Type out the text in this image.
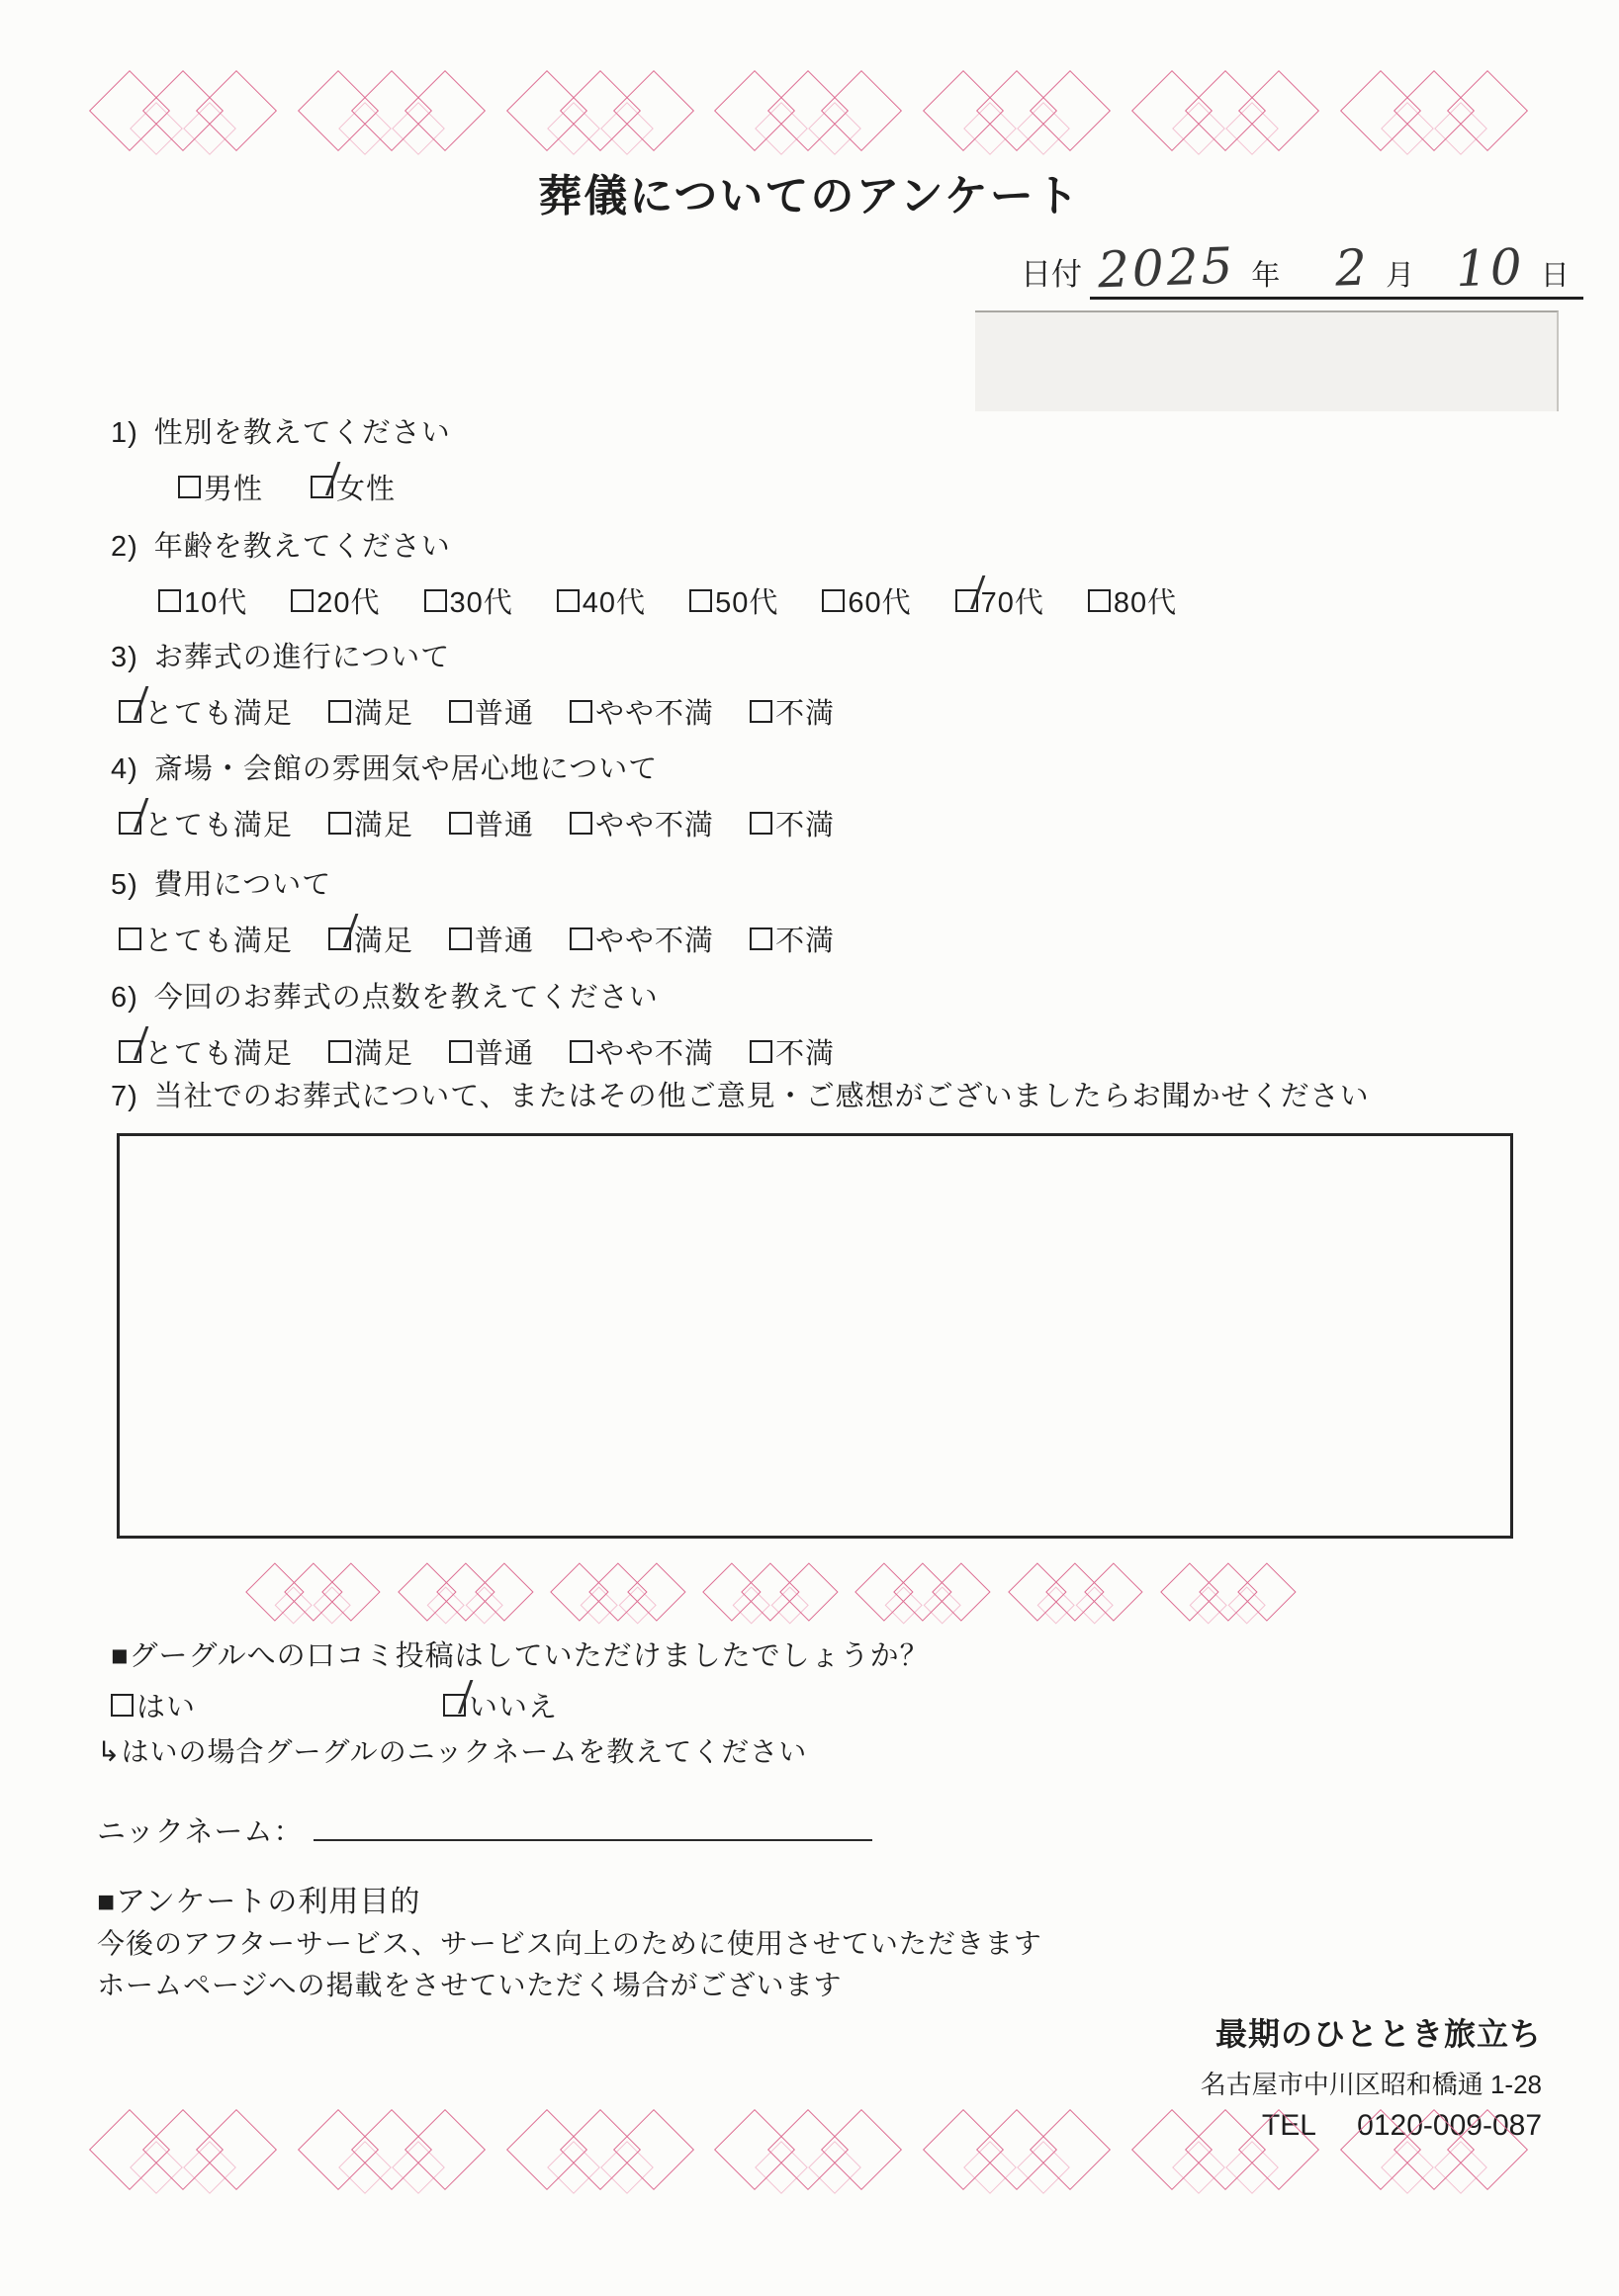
葬儀についてのアンケート
日付 2025 年 2 月 10 日
1) 性別を教えてください
男性	女性
2) 年齢を教えてください
10代 20代 30代 40代 50代 60代 70代 80代
3) お葬式の進行について
とても満足 満足 普通 やや不満 不満
4) 斎場・会館の雰囲気や居心地について
とても満足 満足 普通 やや不満 不満
5) 費用について
とても満足 満足 普通 やや不満 不満
6) 今回のお葬式の点数を教えてください
とても満足 満足 普通 やや不満 不満
7) 当社でのお葬式について、またはその他ご意見・ご感想がございましたらお聞かせください
■グーグルへの口コミ投稿はしていただけましたでしょうか？
はい	いいえ
↳はいの場合グーグルのニックネームを教えてください
ニックネーム：
■アンケートの利用目的
今後のアフターサービス、サービス向上のために使用させていただきます
ホームページへの掲載をさせていただく場合がございます
最期のひととき旅立ち
名古屋市中川区昭和橋通 1-28
TEL 0120-009-087
